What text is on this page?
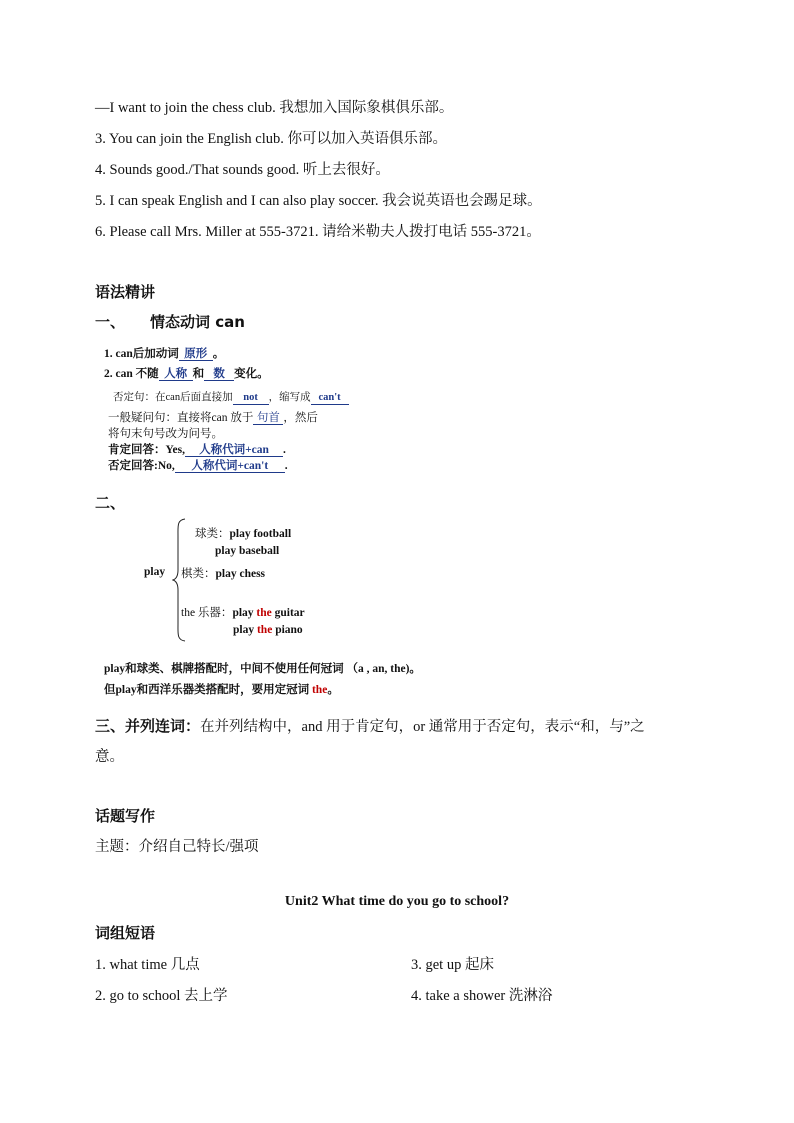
—I want to join the chess club. 我想加入国际象棋俱乐部。
3. You can join the English club. 你可以加入英语俱乐部。
4. Sounds good./That sounds good. 听上去很好。
5. I can speak English and I can also play soccer. 我会说英语也会踢足球。
6. Please call Mrs. Miller at 555-3721. 请给米勒夫人拨打电话 555-3721。
语法精讲
一、 情态动词 can
1. can后加动词 原形 。
2. can 不随 人称 和 数 变化。
否定句：在can后面直接加 not ，缩写成 can't
一般疑问句：直接将can 放于 句首 ，然后
将句末句号改为问号。
肯定回答：Yes, 人称代词+can .
否定回答:No, 人称代词+can't .
二、
play
球类：play football
play baseball
棋类：play chess
the 乐器：play the guitar
play the piano
play和球类、棋牌搭配时，中间不使用任何冠词 （a , an, the)。
但play和西洋乐器类搭配时，要用定冠词 the。
三、并列连词：在并列结构中，and 用于肯定句，or 通常用于否定句，表示“和，与”之
意。
话题写作
主题：介绍自己特长/强项
Unit2 What time do you go to school?
词组短语
1. what time 几点	3. get up 起床
2. go to school 去上学	4. take a shower 洗淋浴
